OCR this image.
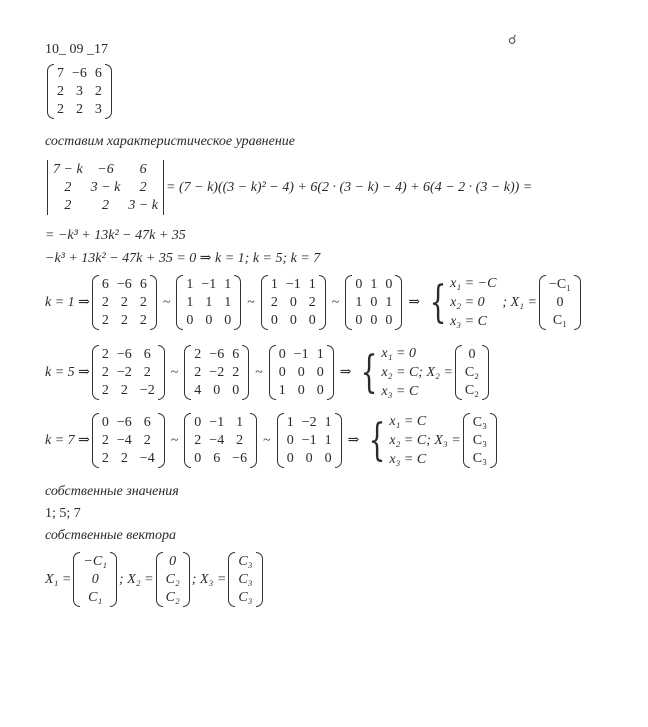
☌
10_ 09 _17
7 −6 6
2 3 2
2 2 3
составим характеристическое уравнение
7 − k	−6	6
2	3 − k	2
2	2	3 − k
= (7 − k)((3 − k)² − 4) + 6(2 · (3 − k) − 4) + 6(4 − 2 · (3 − k)) =
= −k³ + 13k² − 47k + 35
−k³ + 13k² − 47k + 35 = 0 ⇒ k = 1; k = 5; k = 7
k = 1 ⇒
6 −6 6
2 2 2
2 2 2
~
1 −1 1
1 1 1
0 0 0
~
1 −1 1
2 0 2
0 0 0
~
0 1 0
1 0 1
0 0 0
⇒ { x₁ = −C
x₂ = 0
x₃ = C
; X₁ =
−C₁
0
C₁
k = 5 ⇒
2 −6 6
2 −2 2
2 2 −2
~
2 −6 6
2 −2 2
4 0 0
~
0 −1 1
0 0 0
1 0 0
⇒ { x₁ = 0
x₂ = C; X₂ =
x₃ = C
0
C₂
C₂
k = 7 ⇒
0 −6 6
2 −4 2
2 2 −4
~
0 −1 1
2 −4 2
0 6 −6
~
1 −2 1
0 −1 1
0 0 0
⇒ { x₁ = C
x₂ = C; X₃ =
x₃ = C
C₃
C₃
C₃
собственные значения
1; 5; 7
собственные вектора
X₁ =
−C₁
0
C₁
; X₂ =
0
C₂
C₂
; X₃ =
C₃
C₃
C₃
